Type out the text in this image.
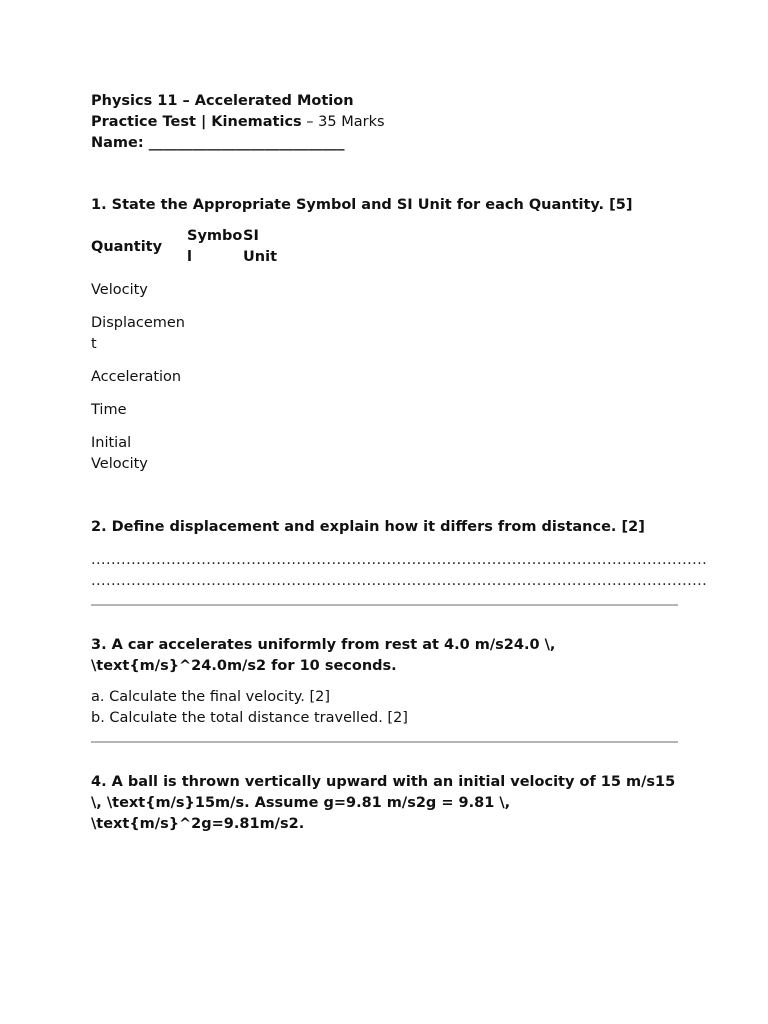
Physics 11 – Accelerated Motion
Practice Test | Kinematics – 35 Marks
Name: ___________________________
1. State the Appropriate Symbol and SI Unit for each Quantity. [5]
Quantity	Symbol	SI Unit
Velocity		
Displacement		
Acceleration		
Time		
Initial Velocity		
2. Define displacement and explain how it differs from distance. [2]
...........................................................................................................................
...........................................................................................................................
3. A car accelerates uniformly from rest at 4.0 m/s24.0 \, \text{m/s}^24.0m/s2 for 10 seconds.
a. Calculate the final velocity. [2]
b. Calculate the total distance travelled. [2]
4. A ball is thrown vertically upward with an initial velocity of 15 m/s15 \, \text{m/s}15m/s. Assume g=9.81 m/s2g = 9.81 \, \text{m/s}^2g=9.81m/s2.
